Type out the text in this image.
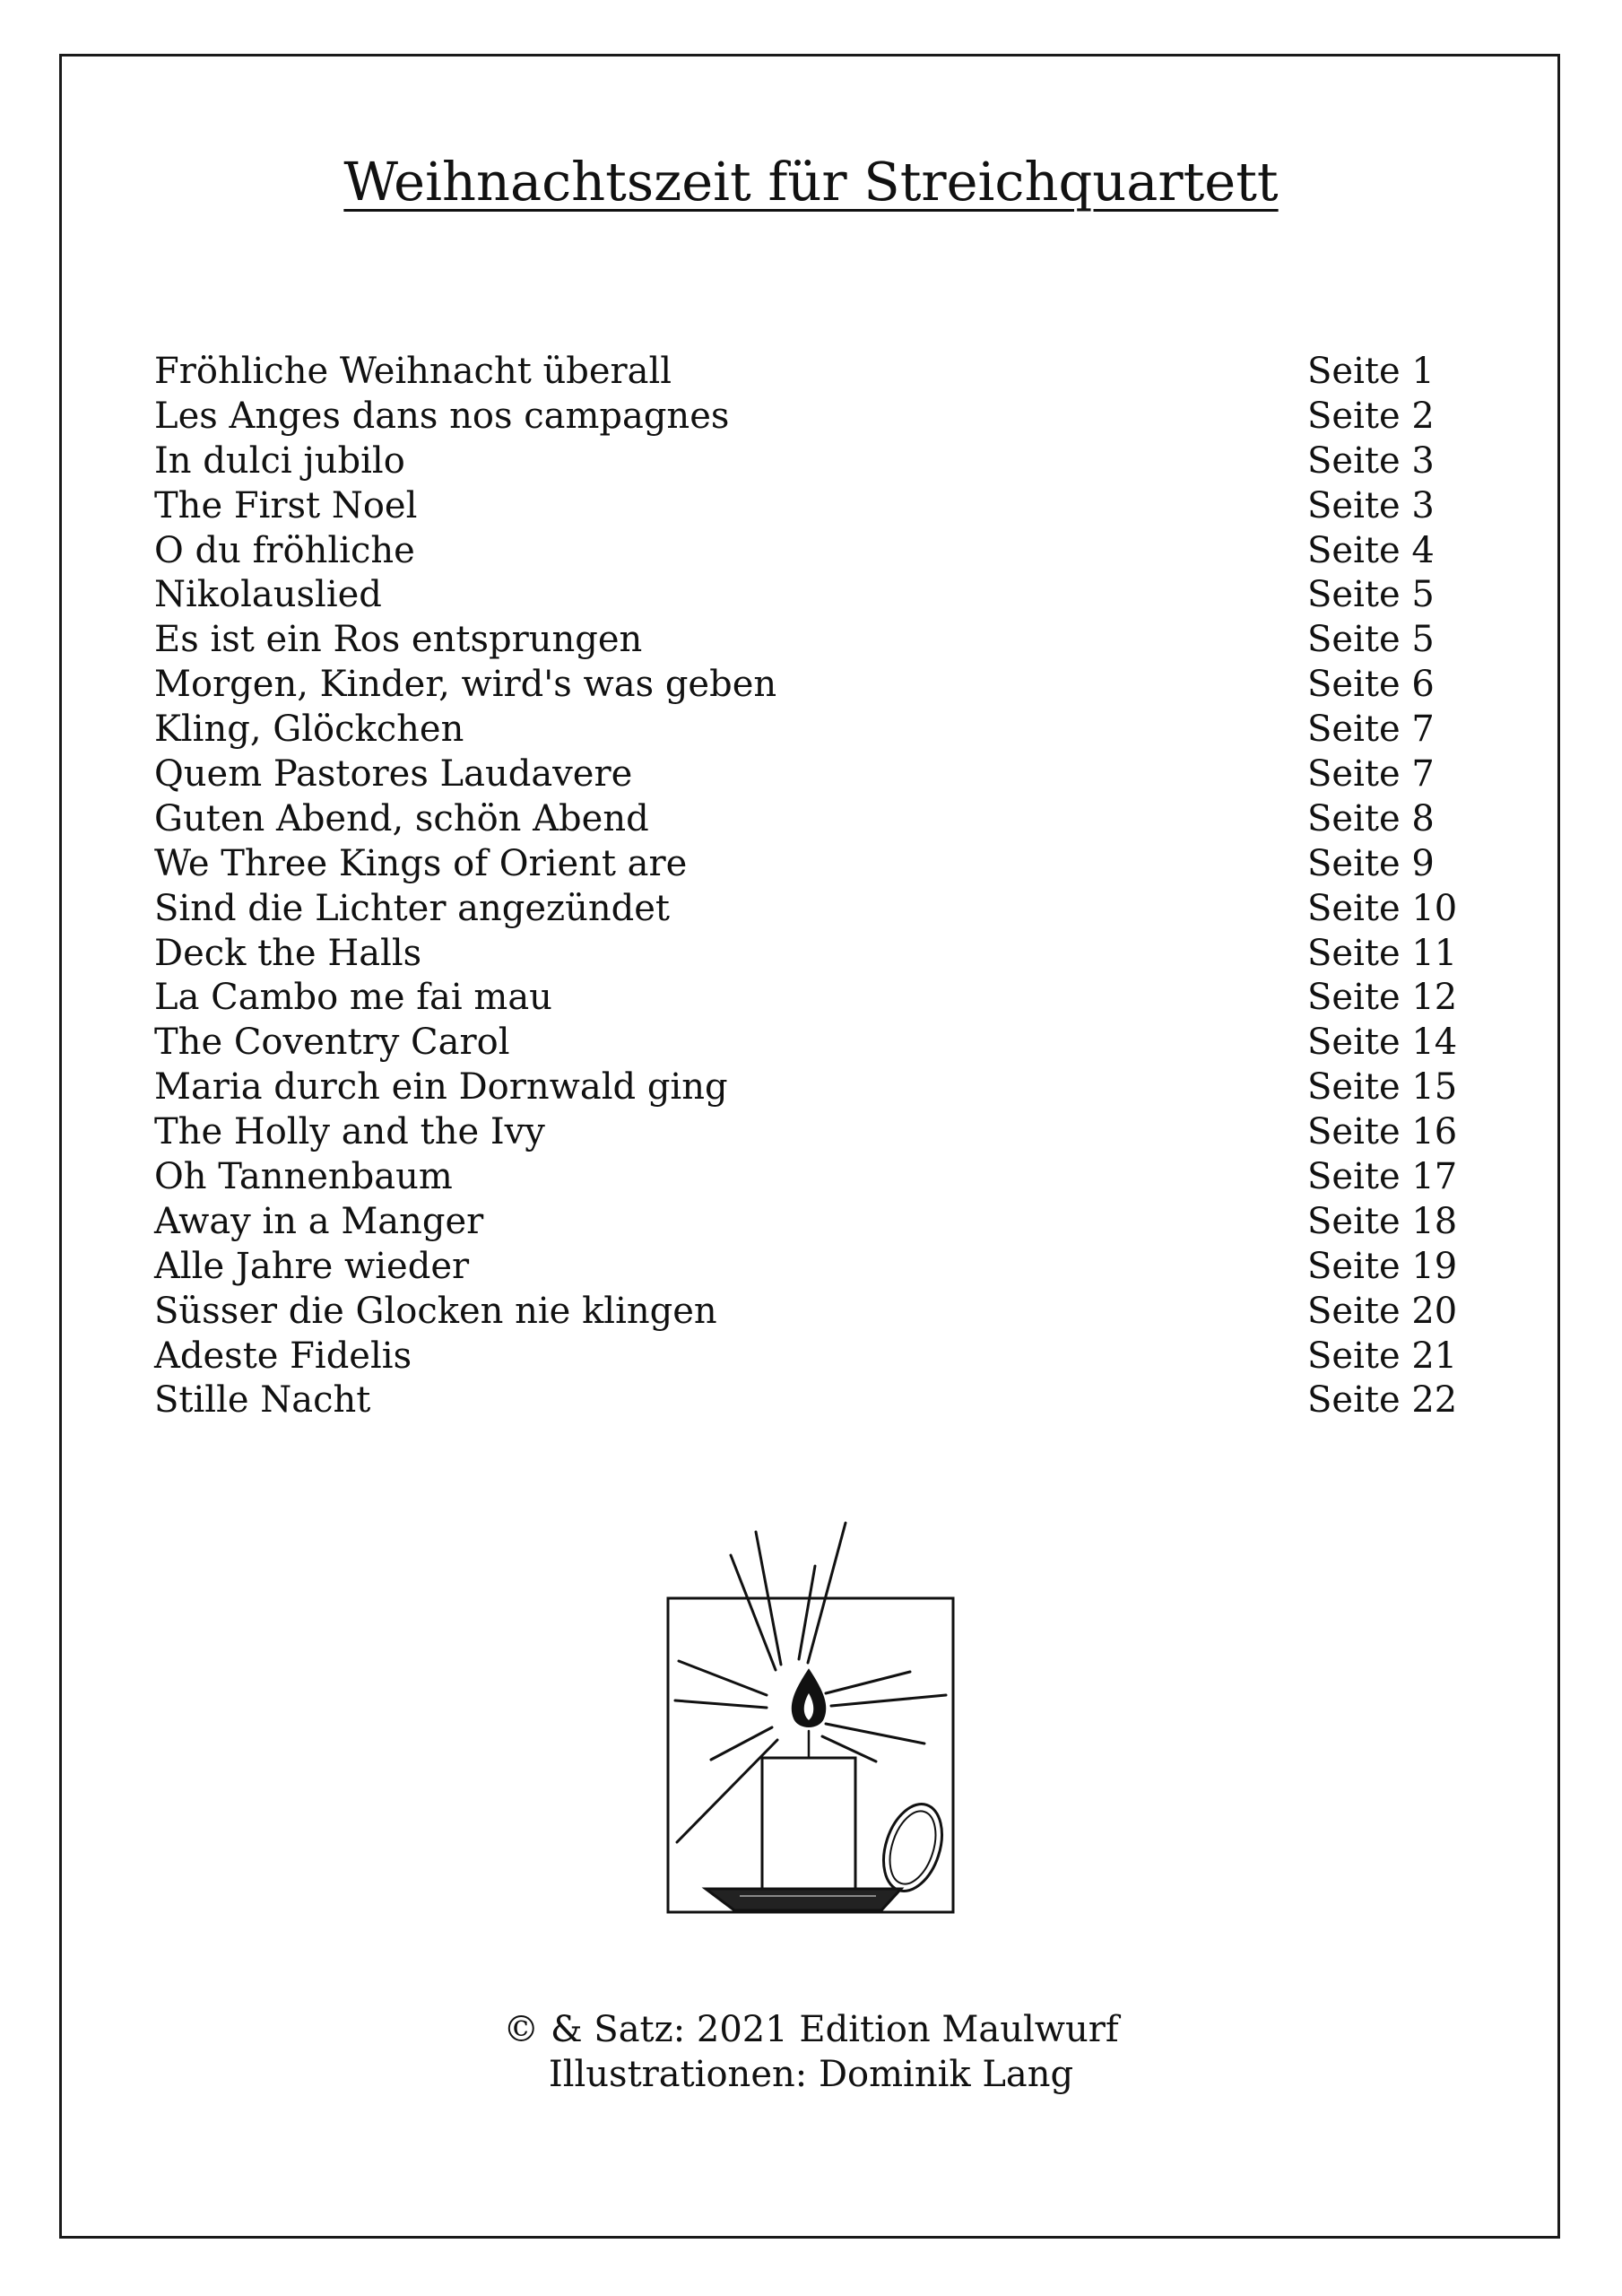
Weihnachtszeit für Streichquartett
Fröhliche Weihnacht überall	Seite 1
Les Anges dans nos campagnes	Seite 2
In dulci jubilo	Seite 3
The First Noel	Seite 3
O du fröhliche	Seite 4
Nikolauslied	Seite 5
Es ist ein Ros entsprungen	Seite 5
Morgen, Kinder, wird's was geben	Seite 6
Kling, Glöckchen	Seite 7
Quem Pastores Laudavere	Seite 7
Guten Abend, schön Abend	Seite 8
We Three Kings of Orient are	Seite 9
Sind die Lichter angezündet	Seite 10
Deck the Halls	Seite 11
La Cambo me fai mau	Seite 12
The Coventry Carol	Seite 14
Maria durch ein Dornwald ging	Seite 15
The Holly and the Ivy	Seite 16
Oh Tannenbaum	Seite 17
Away in a Manger	Seite 18
Alle Jahre wieder	Seite 19
Süsser die Glocken nie klingen	Seite 20
Adeste Fidelis	Seite 21
Stille Nacht	Seite 22
© & Satz: 2021 Edition Maulwurf
Illustrationen: Dominik Lang
